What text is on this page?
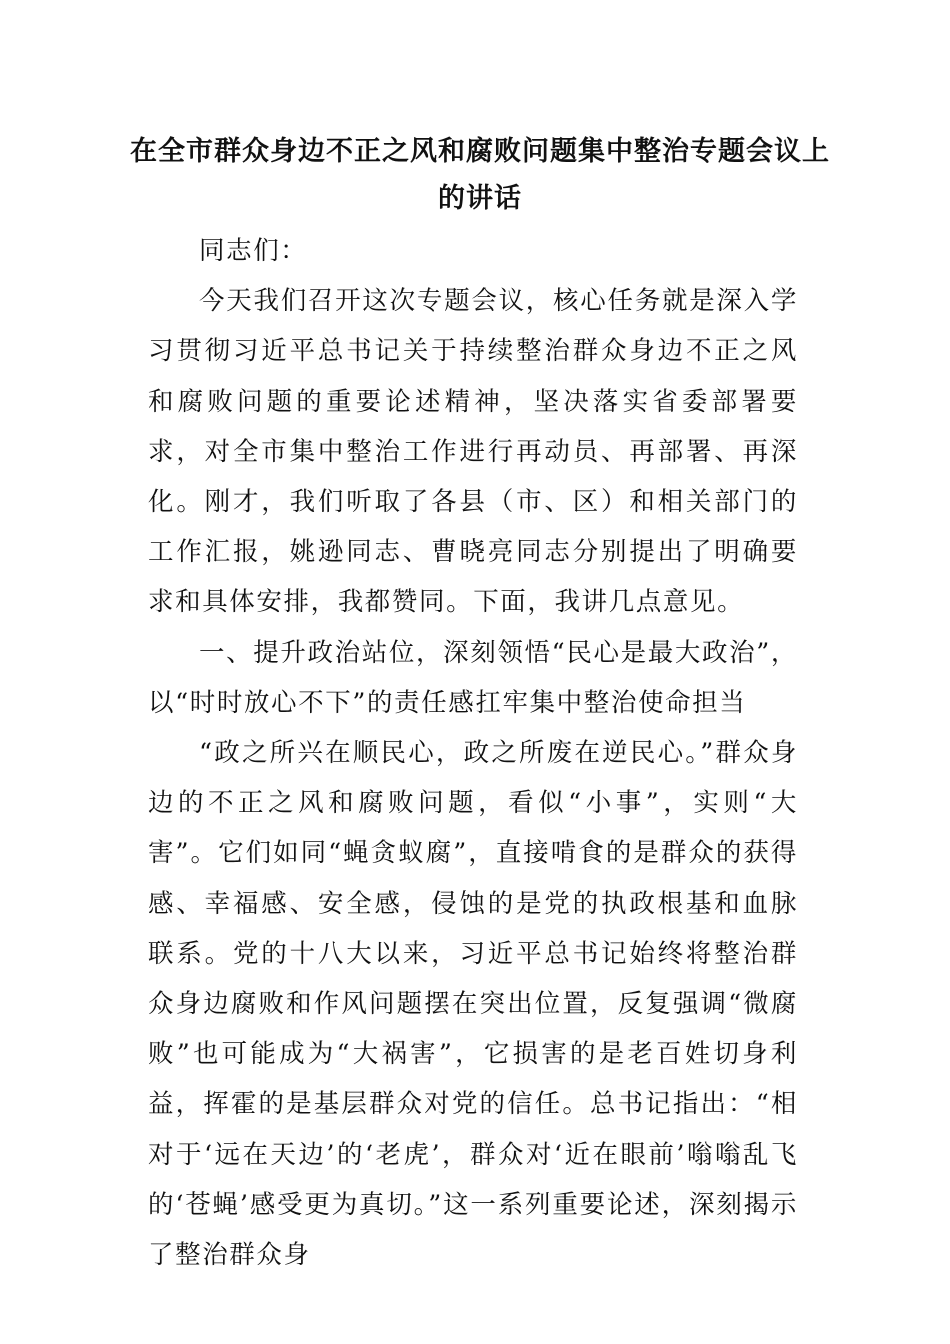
在全市群众身边不正之风和腐败问题集中整治专题会议上
的讲话

同志们：

今天我们召开这次专题会议，核心任务就是深入学习贯彻习近平总书记关于持续整治群众身边不正之风和腐败问题的重要论述精神，坚决落实省委部署要求，对全市集中整治工作进行再动员、再部署、再深化。刚才，我们听取了各县（市、区）和相关部门的工作汇报，姚逊同志、曹晓亮同志分别提出了明确要求和具体安排，我都赞同。下面，我讲几点意见。

一、提升政治站位，深刻领悟“民心是最大政治”，以“时时放心不下”的责任感扛牢集中整治使命担当

“政之所兴在顺民心，政之所废在逆民心。”群众身边的不正之风和腐败问题，看似“小事”，实则“大害”。它们如同“蝇贪蚁腐”，直接啃食的是群众的获得感、幸福感、安全感，侵蚀的是党的执政根基和血脉联系。党的十八大以来，习近平总书记始终将整治群众身边腐败和作风问题摆在突出位置，反复强调“微腐败”也可能成为“大祸害”，它损害的是老百姓切身利益，挥霍的是基层群众对党的信任。总书记指出：“相对于‘远在天边’的‘老虎’，群众对‘近在眼前’嗡嗡乱飞的‘苍蝇’感受更为真切。”这一系列重要论述，深刻揭示了整治群众身
